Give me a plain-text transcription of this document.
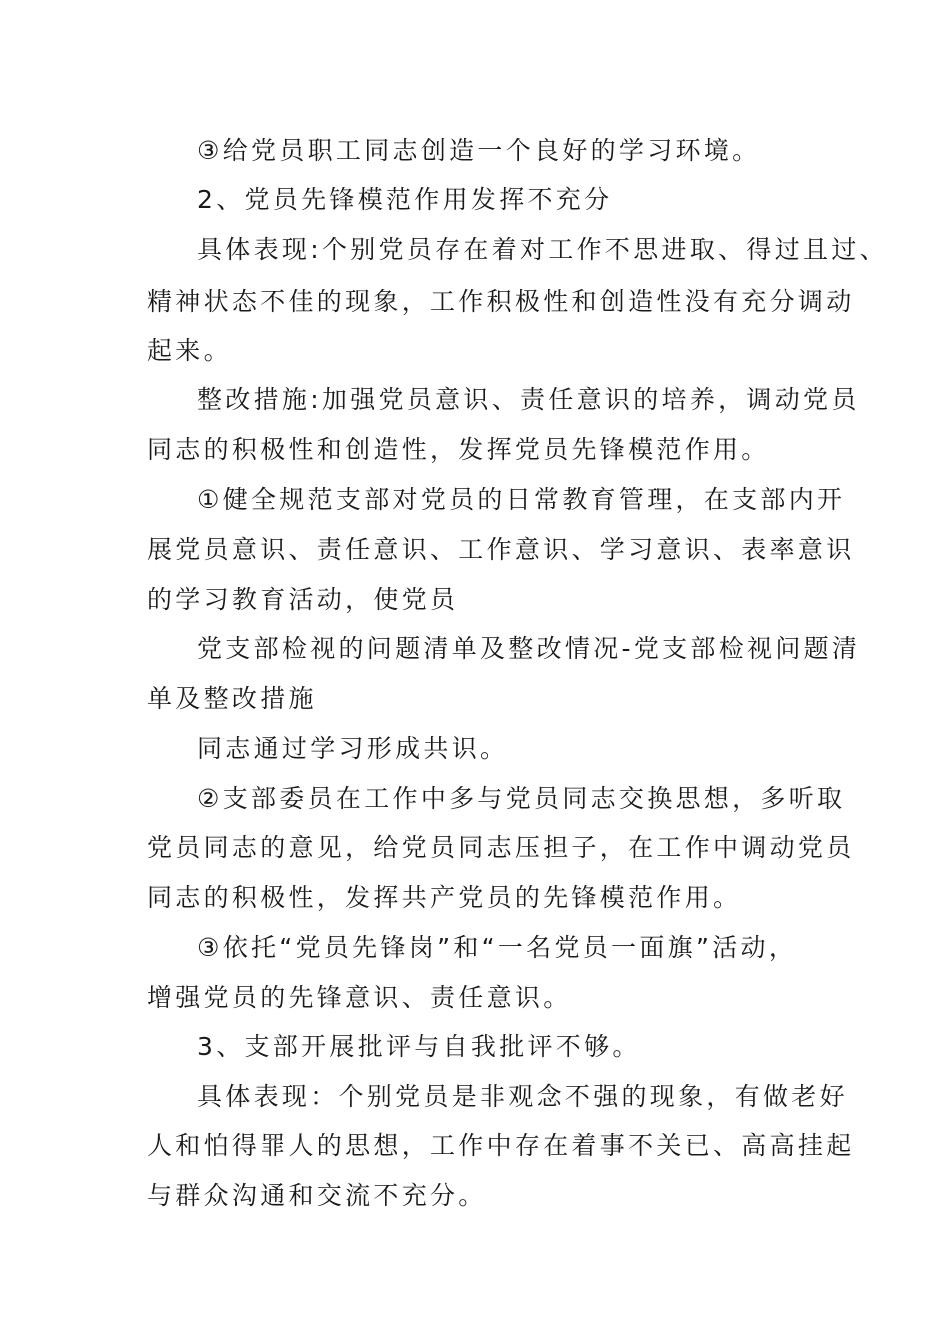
③给党员职工同志创造一个良好的学习环境。
2、党员先锋模范作用发挥不充分
具体表现:个别党员存在着对工作不思进取、得过且过、
精神状态不佳的现象，工作积极性和创造性没有充分调动
起来。
整改措施:加强党员意识、责任意识的培养，调动党员
同志的积极性和创造性，发挥党员先锋模范作用。
①健全规范支部对党员的日常教育管理，在支部内开
展党员意识、责任意识、工作意识、学习意识、表率意识
的学习教育活动，使党员
党支部检视的问题清单及整改情况-党支部检视问题清
单及整改措施
同志通过学习形成共识。
②支部委员在工作中多与党员同志交换思想，多听取
党员同志的意见，给党员同志压担子，在工作中调动党员
同志的积极性，发挥共产党员的先锋模范作用。
③依托“党员先锋岗”和“一名党员一面旗”活动，
增强党员的先锋意识、责任意识。
3、支部开展批评与自我批评不够。
具体表现：个别党员是非观念不强的现象，有做老好
人和怕得罪人的思想，工作中存在着事不关已、高高挂起
与群众沟通和交流不充分。
